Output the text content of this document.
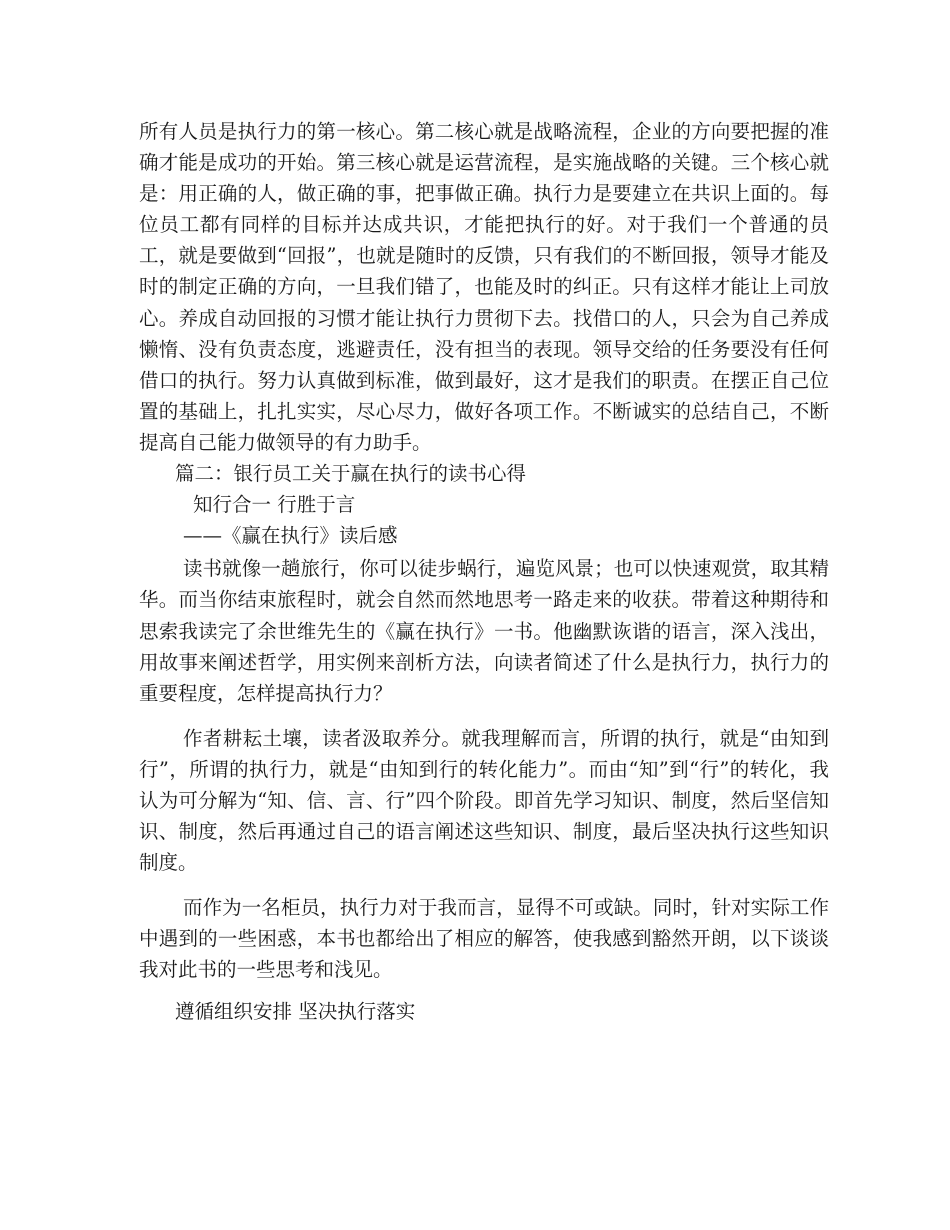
所有人员是执行力的第一核心。第二核心就是战略流程，企业的方向要把握的准确才能是成功的开始。第三核心就是运营流程，是实施战略的关键。三个核心就是：用正确的人，做正确的事，把事做正确。执行力是要建立在共识上面的。每位员工都有同样的目标并达成共识，才能把执行的好。对于我们一个普通的员工，就是要做到“回报”，也就是随时的反馈，只有我们的不断回报，领导才能及时的制定正确的方向，一旦我们错了，也能及时的纠正。只有这样才能让上司放心。养成自动回报的习惯才能让执行力贯彻下去。找借口的人，只会为自己养成懒惰、没有负责态度，逃避责任，没有担当的表现。领导交给的任务要没有任何借口的执行。努力认真做到标准，做到最好，这才是我们的职责。在摆正自己位置的基础上，扎扎实实，尽心尽力，做好各项工作。不断诚实的总结自己，不断提高自己能力做领导的有力助手。

篇二：银行员工关于赢在执行的读书心得

知行合一 行胜于言

——《赢在执行》读后感

读书就像一趟旅行，你可以徒步蜗行，遍览风景；也可以快速观赏，取其精华。而当你结束旅程时，就会自然而然地思考一路走来的收获。带着这种期待和思索我读完了余世维先生的《赢在执行》一书。他幽默诙谐的语言，深入浅出，用故事来阐述哲学，用实例来剖析方法，向读者简述了什么是执行力，执行力的重要程度，怎样提高执行力？

作者耕耘土壤，读者汲取养分。就我理解而言，所谓的执行，就是“由知到行”，所谓的执行力，就是“由知到行的转化能力”。而由“知”到“行”的转化，我认为可分解为“知、信、言、行”四个阶段。即首先学习知识、制度，然后坚信知识、制度，然后再通过自己的语言阐述这些知识、制度，最后坚决执行这些知识制度。

而作为一名柜员，执行力对于我而言，显得不可或缺。同时，针对实际工作中遇到的一些困惑，本书也都给出了相应的解答，使我感到豁然开朗，以下谈谈我对此书的一些思考和浅见。

遵循组织安排 坚决执行落实
